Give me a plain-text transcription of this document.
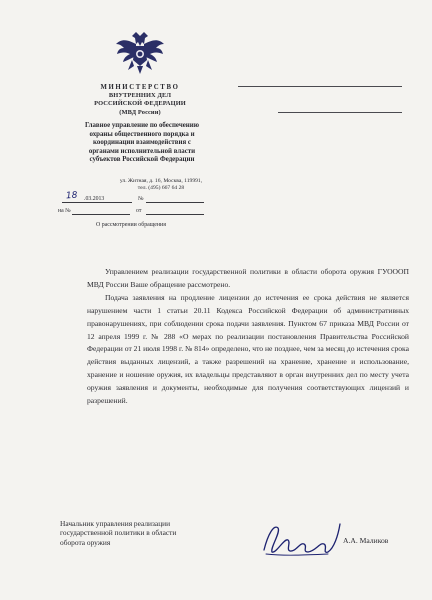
МИНИСТЕРСТВО
ВНУТРЕННИХ ДЕЛ
РОССИЙСКОЙ ФЕДЕРАЦИИ
(МВД России)
Главное управление по обеспечению
охраны общественного порядка и
координации взаимодействия с
органами исполнительной власти
субъектов Российской Федерации
ул. Житная, д. 16, Москва, 119991,
тел. (495) 667 64 28
18 .03.2013	№
на №	от
О рассмотрении обращения

Управлением реализации государственной политики в области оборота оружия ГУОООП МВД России Ваше обращение рассмотрено.

Подача заявления на продление лицензии до истечения ее срока действия не является нарушением части 1 статьи 20.11 Кодекса Российской Федерации об административных правонарушениях, при соблюдении срока подачи заявления. Пунктом 67 приказа МВД России от 12 апреля 1999 г. № 288 «О мерах по реализации постановления Правительства Российской Федерации от 21 июля 1998 г. № 814» определено, что не позднее, чем за месяц до истечения срока действия выданных лицензий, а также разрешений на хранение, хранение и использование, хранение и ношение оружия, их владельцы представляют в орган внутренних дел по месту учета оружия заявления и документы, необходимые для получения соответствующих лицензий и разрешений.

Начальник управления реализации
государственной политики в области
оборота оружия	А.А. Маликов
